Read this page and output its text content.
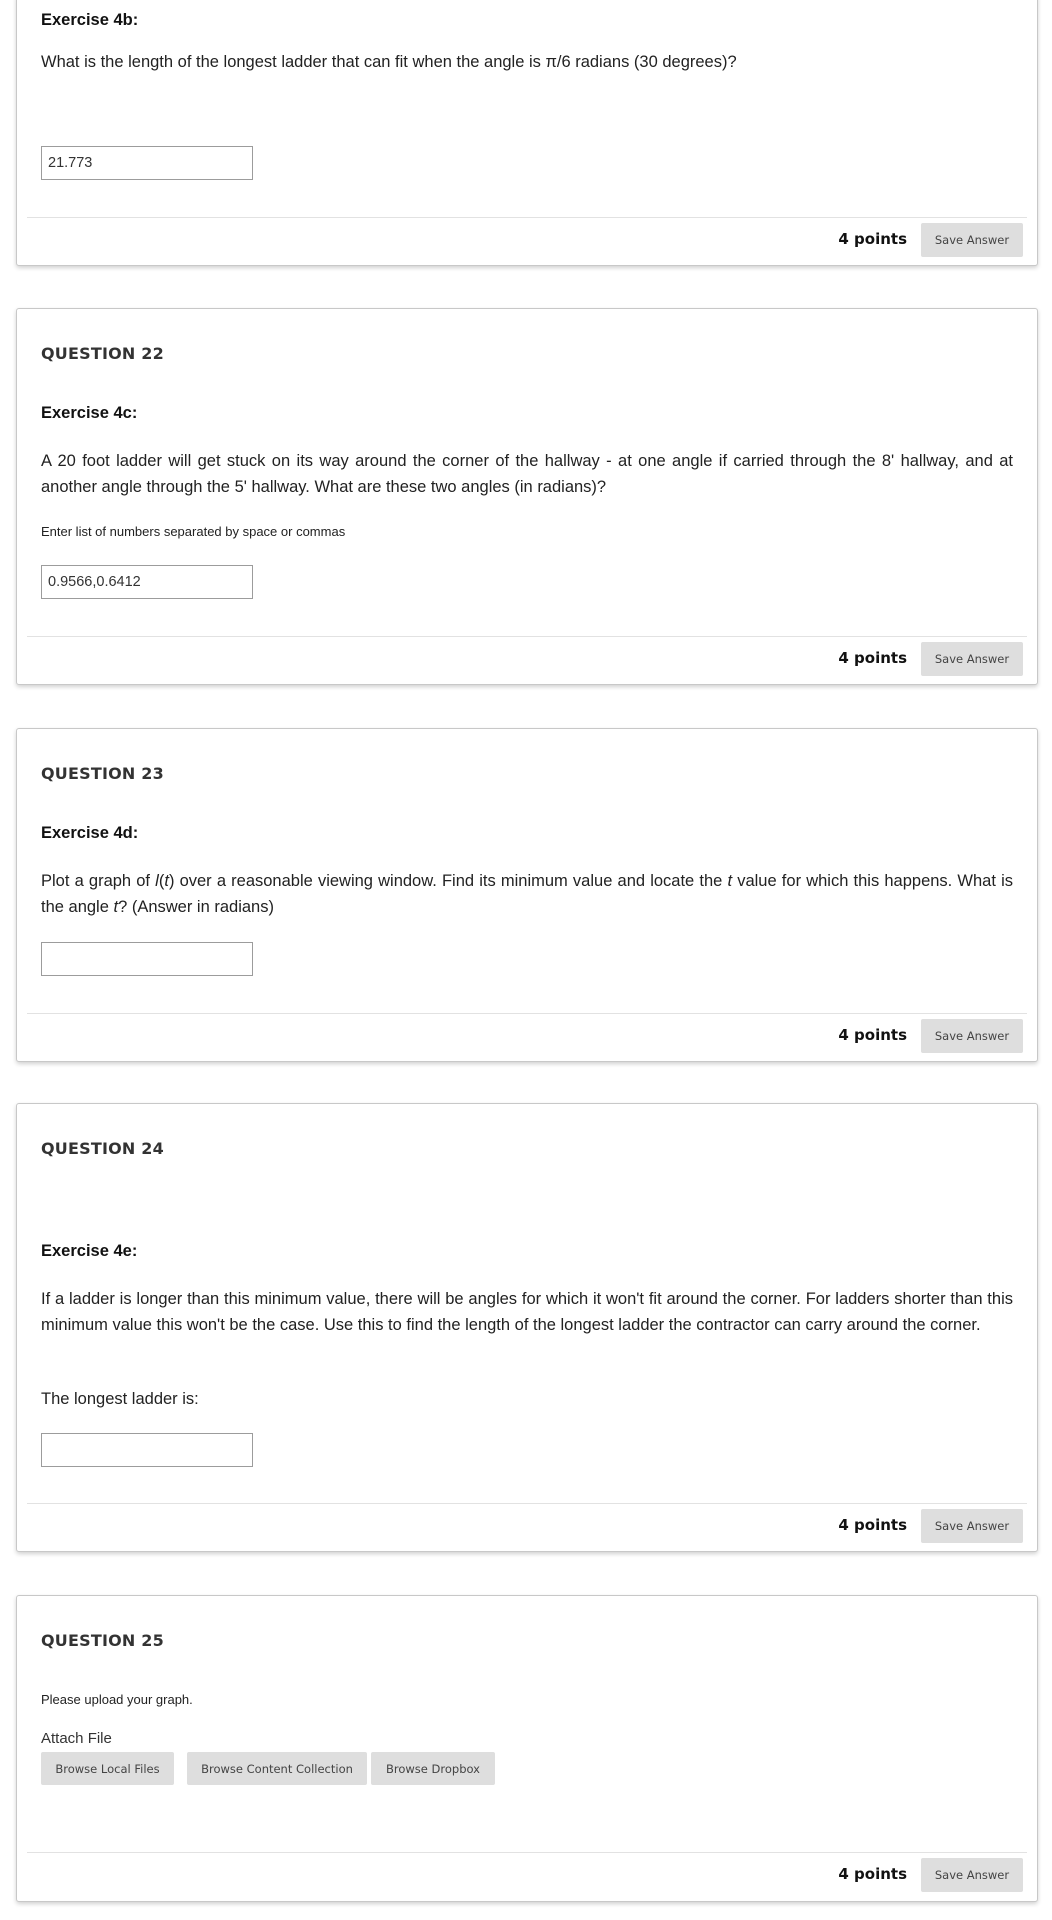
Exercise 4b:
What is the length of the longest ladder that can fit when the angle is π/6 radians (30 degrees)?
21.773
4 points	Save Answer
QUESTION 22
Exercise 4c:
A 20 foot ladder will get stuck on its way around the corner of the hallway - at one angle if carried through the 8' hallway, and at another angle through the 5' hallway. What are these two angles (in radians)?
Enter list of numbers separated by space or commas
0.9566,0.6412
4 points	Save Answer
QUESTION 23
Exercise 4d:
Plot a graph of l(t) over a reasonable viewing window. Find its minimum value and locate the t value for which this happens. What is the angle t? (Answer in radians)
4 points	Save Answer
QUESTION 24
Exercise 4e:
If a ladder is longer than this minimum value, there will be angles for which it won't fit around the corner. For ladders shorter than this minimum value this won't be the case. Use this to find the length of the longest ladder the contractor can carry around the corner.
The longest ladder is:
4 points	Save Answer
QUESTION 25
Please upload your graph.
Attach File
Browse Local Files	Browse Content Collection	Browse Dropbox
4 points	Save Answer
